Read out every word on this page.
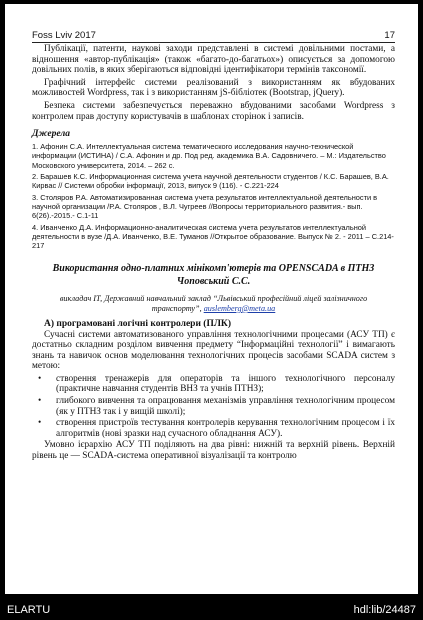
Foss Lviv 2017	17

Публікації, патенти, наукові заходи представлені в системі довільними постами, а відношення «автор-публікація» (також «багато-до-багатьох») описується за допомогою довільних полів, в яких зберігаються відповідні ідентифікатори термінів таксономії.

Графічний інтерфейс системи реалізований з використанням як вбудованих можливостей Wordpress, так і з використанням jS-бібліотек (Bootstrap, jQuery).

Безпека системи забезпечується переважно вбудованими засобами Wordpress з контролем прав доступу користувачів в шаблонах сторінок і записів.

Джерела
1. Афонин С.А. Интеллектуальная система тематического исследования научно-технической информации (ИСТИНА) / С.А. Афонин и др. Под ред. академика В.А. Садовничего. – М.: Издательство Московского университета, 2014. – 262 с.
2. Барашев К.С. Информационная система учета научной деятельности студентов / К.С. Барашев, В.А. Кирвас // Системи обробки інформації, 2013, випуск 9 (116). - С.221-224
3. Столяров Р.А. Автоматизированная система учета результатов интеллектуальной деятельности в научной организации /Р.А. Столяров , В.Л. Чугреев //Вопросы территориального развития.- вып. 6(26).-2015.- С.1-11
4. Иванченко Д.А. Информационно-аналитическая система учета результатов интеллектуальной деятельности в вузе /Д.А. Иванченко, В.Е. Туманов //Открытое образование. Выпуск № 2. - 2011 – С.214-217
Використання одно-платних мінікомп'ютерів та OPENSCADA в ПТНЗ
Чоповський С.С.
викладач ІТ, Державний навчальний заклад “Львівський професійний ліцей залізничного транспорту”, auslemberg@meta.ua
А) програмовані логічні контролери (ПЛК)

Сучасні системи автоматизованого управління технологічними процесами (АСУ ТП) є достатньо складним розділом вивчення предмету “Інформаційні технології” і вимагають знань та навичок основ моделювання технологічних процесів засобами SCADA систем з метою:

• створення тренажерів для операторів та іншого технологічного персоналу (практичне навчання студентів ВНЗ та учнів ПТНЗ);
• глибокого вивчення та опрацювання механізмів управління технологічним процесом (як у ПТНЗ так і у вищій школі);
• створення пристроїв тестування контролерів керування технологічним процесом і їх алгоритмів (нові зразки над сучасного обладнання АСУ).

Умовно ієрархію АСУ ТП поділяють на два рівні: нижній та верхній рівень. Верхній рівень це — SCADA-система оперативної візуалізації та контролю

ELARTU	hdl:lib/24487
